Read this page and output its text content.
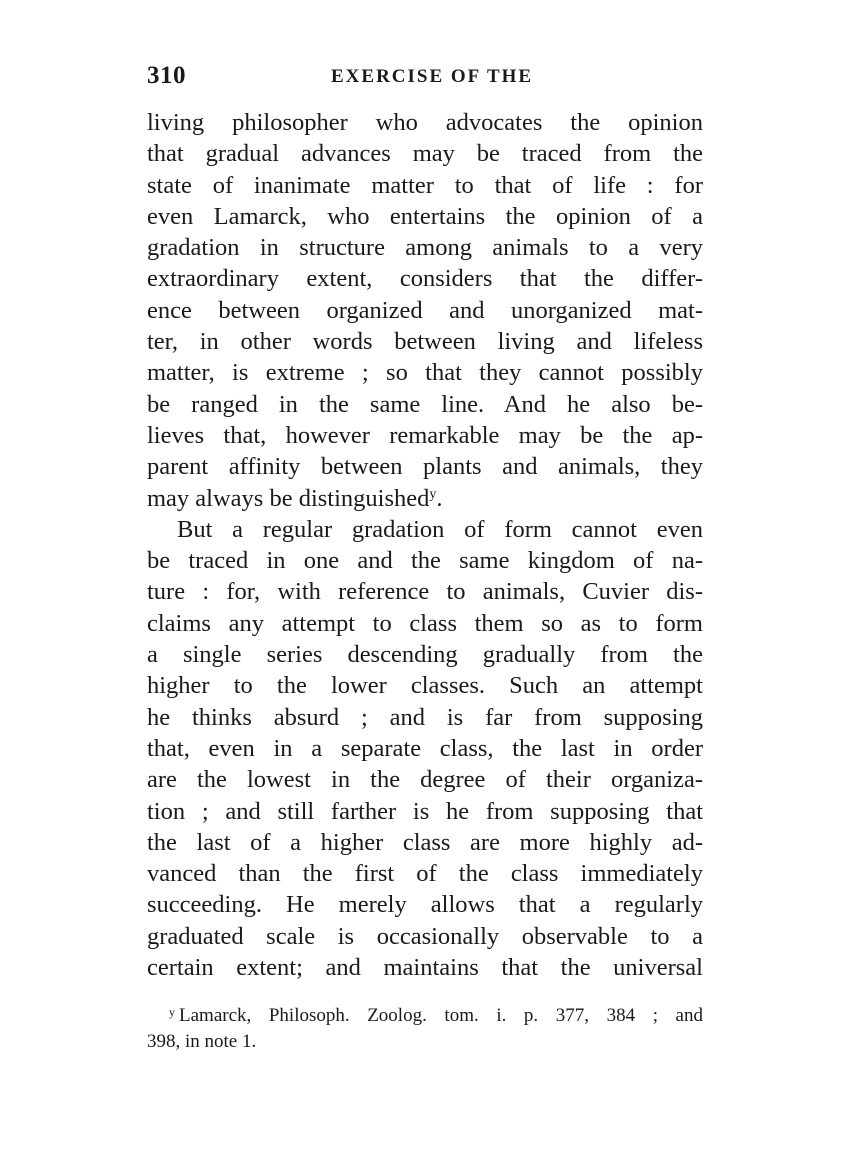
310	EXERCISE OF THE
living philosopher who advocates the opinion
that gradual advances may be traced from the
state of inanimate matter to that of life : for
even Lamarck, who entertains the opinion of a
gradation in structure among animals to a very
extraordinary extent, considers that the differ-
ence between organized and unorganized mat-
ter, in other words between living and lifeless
matter, is extreme ; so that they cannot possibly
be ranged in the same line. And he also be-
lieves that, however remarkable may be the ap-
parent affinity between plants and animals, they
may always be distinguished$^y$.
But a regular gradation of form cannot even
be traced in one and the same kingdom of na-
ture : for, with reference to animals, Cuvier dis-
claims any attempt to class them so as to form
a single series descending gradually from the
higher to the lower classes. Such an attempt
he thinks absurd ; and is far from supposing
that, even in a separate class, the last in order
are the lowest in the degree of their organiza-
tion ; and still farther is he from supposing that
the last of a higher class are more highly ad-
vanced than the first of the class immediately
succeeding. He merely allows that a regularly
graduated scale is occasionally observable to a
certain extent; and maintains that the universal
$^y$ Lamarck, Philosoph. Zoolog. tom. i. p. 377, 384 ; and
398, in note 1.
